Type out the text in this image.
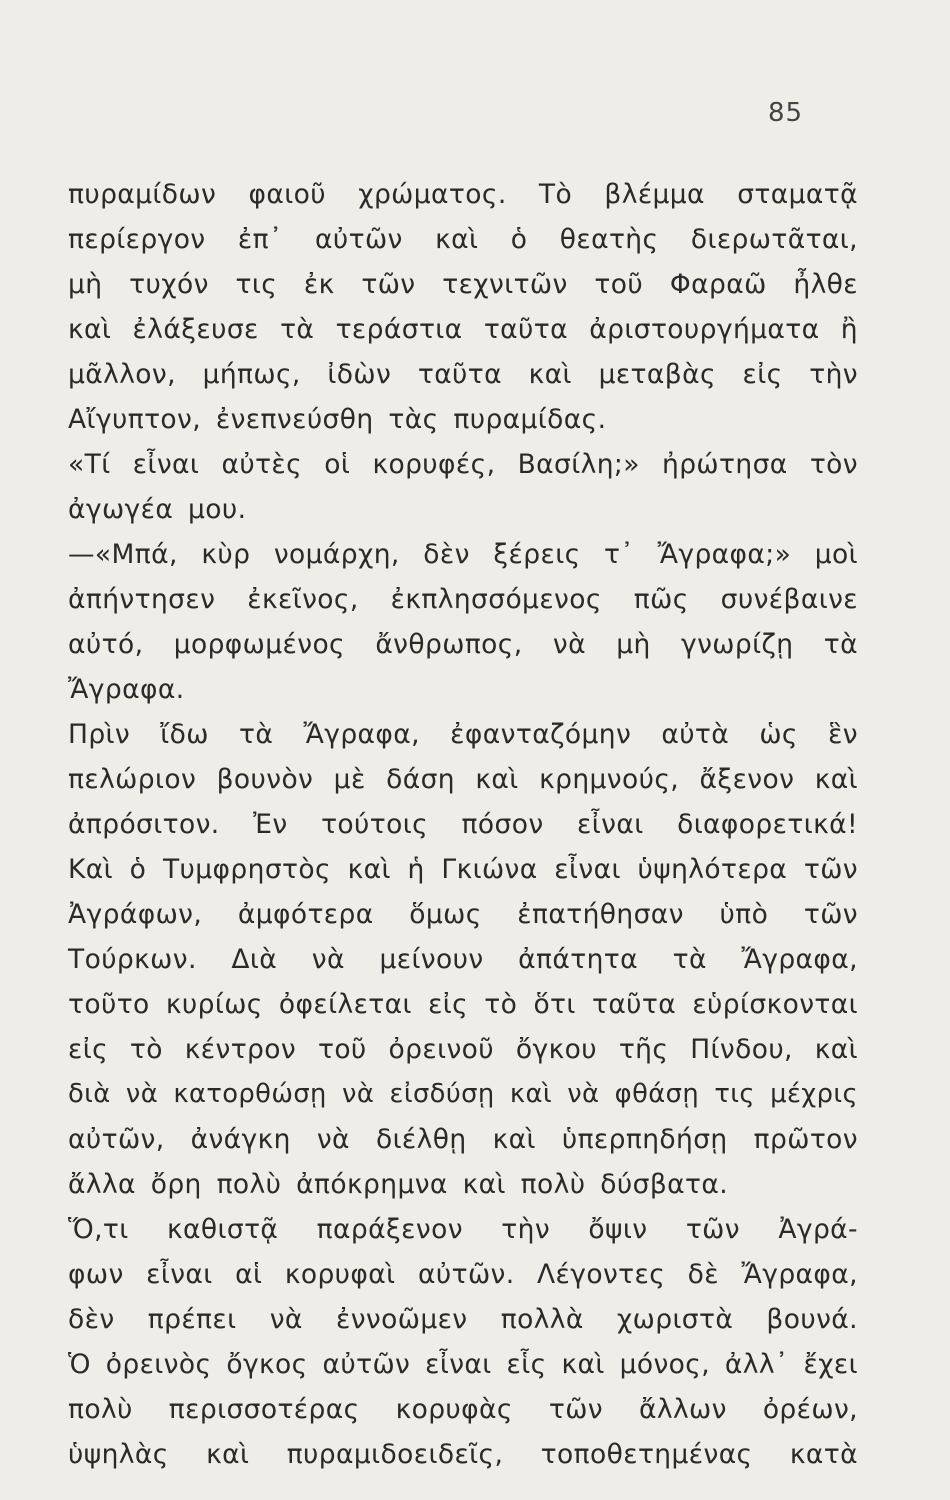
85
πυραμίδων φαιοῦ χρώματος. Τὸ βλέμμα σταματᾷ
περίεργον ἐπ᾽ αὐτῶν καὶ ὁ θεατὴς διερωτᾶται,
μὴ τυχόν τις ἐκ τῶν τεχνιτῶν τοῦ Φαραῶ ἦλθε
καὶ ἐλάξευσε τὰ τεράστια ταῦτα ἀριστουργήματα ἢ
μᾶλλον, μήπως, ἰδὼν ταῦτα καὶ μεταβὰς εἰς τὴν
Αἴγυπτον, ἐνεπνεύσθη τὰς πυραμίδας.
«Τί εἶναι αὐτὲς οἱ κορυφές, Βασίλη;» ἠρώτησα τὸν
ἀγωγέα μου.
—«Μπά, κὺρ νομάρχη, δὲν ξέρεις τ᾽ Ἄγραφα;» μοὶ
ἀπήντησεν ἐκεῖνος, ἐκπλησσόμενος πῶς συνέβαινε
αὐτό, μορφωμένος ἄνθρωπος, νὰ μὴ γνωρίζῃ τὰ
Ἄγραφα.
Πρὶν ἴδω τὰ Ἄγραφα, ἐφανταζόμην αὐτὰ ὡς ἓν
πελώριον βουνὸν μὲ δάση καὶ κρημνούς, ἄξενον καὶ
ἀπρόσιτον. Ἐν τούτοις πόσον εἶναι διαφορετικά!
Καὶ ὁ Τυμφρηστὸς καὶ ἡ Γκιώνα εἶναι ὑψηλότερα τῶν
Ἀγράφων, ἀμφότερα ὅμως ἐπατήθησαν ὑπὸ τῶν
Τούρκων. Διὰ νὰ μείνουν ἀπάτητα τὰ Ἄγραφα,
τοῦτο κυρίως ὀφείλεται εἰς τὸ ὅτι ταῦτα εὑρίσκονται
εἰς τὸ κέντρον τοῦ ὀρεινοῦ ὄγκου τῆς Πίνδου, καὶ
διὰ νὰ κατορθώσῃ νὰ εἰσδύσῃ καὶ νὰ φθάσῃ τις μέχρις
αὐτῶν, ἀνάγκη νὰ διέλθῃ καὶ ὑπερπηδήσῃ πρῶτον
ἄλλα ὄρη πολὺ ἀπόκρημνα καὶ πολὺ δύσβατα.
Ὅ,τι καθιστᾷ παράξενον τὴν ὄψιν τῶν Ἀγρά-
φων εἶναι αἱ κορυφαὶ αὐτῶν. Λέγοντες δὲ Ἄγραφα,
δὲν πρέπει νὰ ἐννοῶμεν πολλὰ χωριστὰ βουνά.
Ὁ ὀρεινὸς ὄγκος αὐτῶν εἶναι εἷς καὶ μόνος, ἀλλ᾽ ἔχει
πολὺ περισσοτέρας κορυφὰς τῶν ἄλλων ὀρέων,
ὑψηλὰς καὶ πυραμιδοειδεῖς, τοποθετημένας κατὰ
